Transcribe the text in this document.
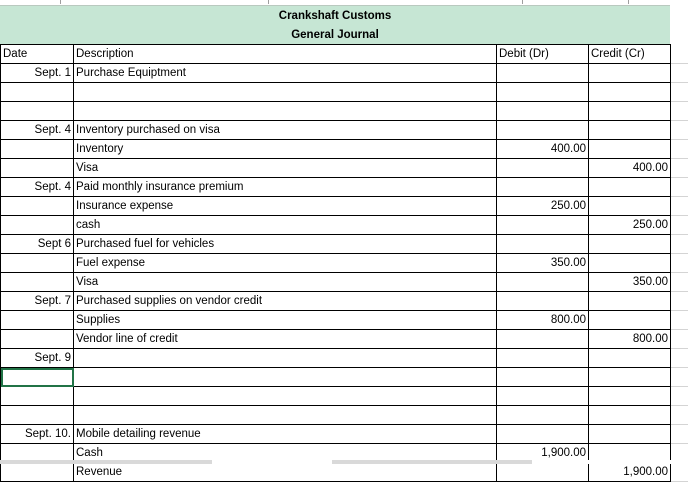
Crankshaft Customs
General Journal
Date	Description	Debit (Dr)	Credit (Cr)
Sept. 1	Purchase Equiptment		

Sept. 4	Inventory purchased on visa		
	Inventory	400.00	
	Visa		400.00
Sept. 4	Paid monthly insurance premium		
	Insurance expense	250.00	
	cash		250.00
Sept 6	Purchased fuel for vehicles		
	Fuel expense	350.00	
	Visa		350.00
Sept. 7	Purchased supplies on vendor credit		
	Supplies	800.00	
	Vendor line of credit		800.00
Sept. 9			

Sept. 10.	Mobile detailing revenue		
	Cash	1,900.00	
	Revenue		1,900.00
